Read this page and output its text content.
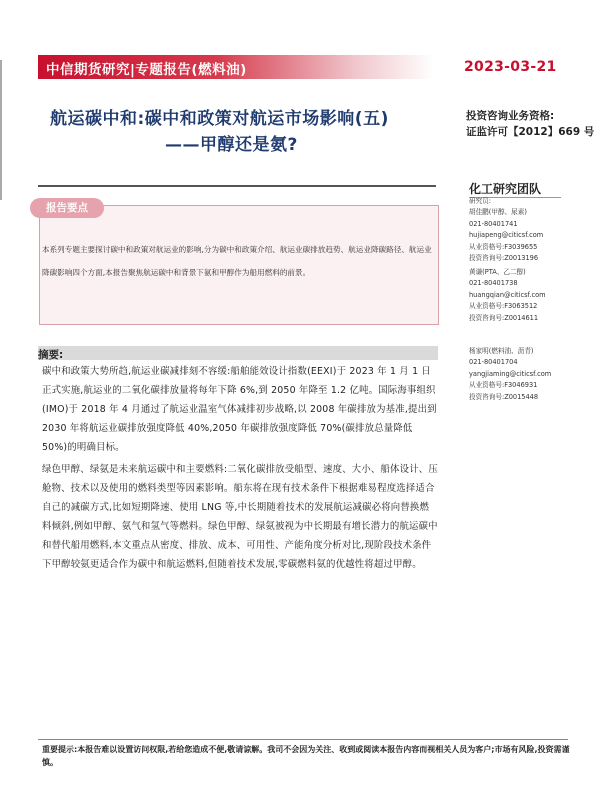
中信期货研究|专题报告(燃料油)	2023-03-21
航运碳中和:碳中和政策对航运市场影响(五)
——甲醇还是氨?
投资咨询业务资格:
证监许可【2012】669 号
化工研究团队
报告要点
本系列专题主要探讨碳中和政策对航运业的影响,分为碳中和政策介绍、航运业碳排放趋势、航运业降碳路径、航运业降碳影响四个方面,本报告聚焦航运碳中和背景下氨和甲醇作为船用燃料的前景。
摘要:
碳中和政策大势所趋,航运业碳减排刻不容缓:船舶能效设计指数(EEXI)于 2023 年 1 月 1 日正式实施,航运业的二氧化碳排放量将每年下降 6%,到 2050 年降至 1.2 亿吨。国际海事组织(IMO)于 2018 年 4 月通过了航运业温室气体减排初步战略,以 2008 年碳排放为基准,提出到 2030 年将航运业碳排放强度降低 40%,2050 年碳排放强度降低 70%(碳排放总量降低 50%)的明确目标。
绿色甲醇、绿氨是未来航运碳中和主要燃料:二氧化碳排放受船型、速度、大小、船体设计、压舱物、技术以及使用的燃料类型等因素影响。船东将在现有技术条件下根据难易程度选择适合自己的减碳方式,比如短期降速、使用 LNG 等,中长期随着技术的发展航运减碳必将向替换燃料倾斜,例如甲醇、氨气和氢气等燃料。绿色甲醇、绿氨被视为中长期最有增长潜力的航运碳中和替代船用燃料,本文重点从密度、排放、成本、可用性、产能角度分析对比,现阶段技术条件下甲醇较氨更适合作为碳中和航运燃料,但随着技术发展,零碳燃料氨的优越性将超过甲醇。
研究员:
胡佳鹏(甲醇、尿素)
021-80401741
hujiapeng@citicsf.com
从业资格号:F3039655
投资咨询号:Z0013196
黄谦(PTA、乙二醇)
021-80401738
huangqian@citicsf.com
从业资格号:F3063512
投资咨询号:Z0014611
杨家明(燃料油、沥青)
021-80401704
yangjiaming@citicsf.com
从业资格号:F3046931
投资咨询号:Z0015448
重要提示:本报告难以设置访问权限,若给您造成不便,敬请谅解。我司不会因为关注、收到或阅读本报告内容而视相关人员为客户;市场有风险,投资需谨慎。
